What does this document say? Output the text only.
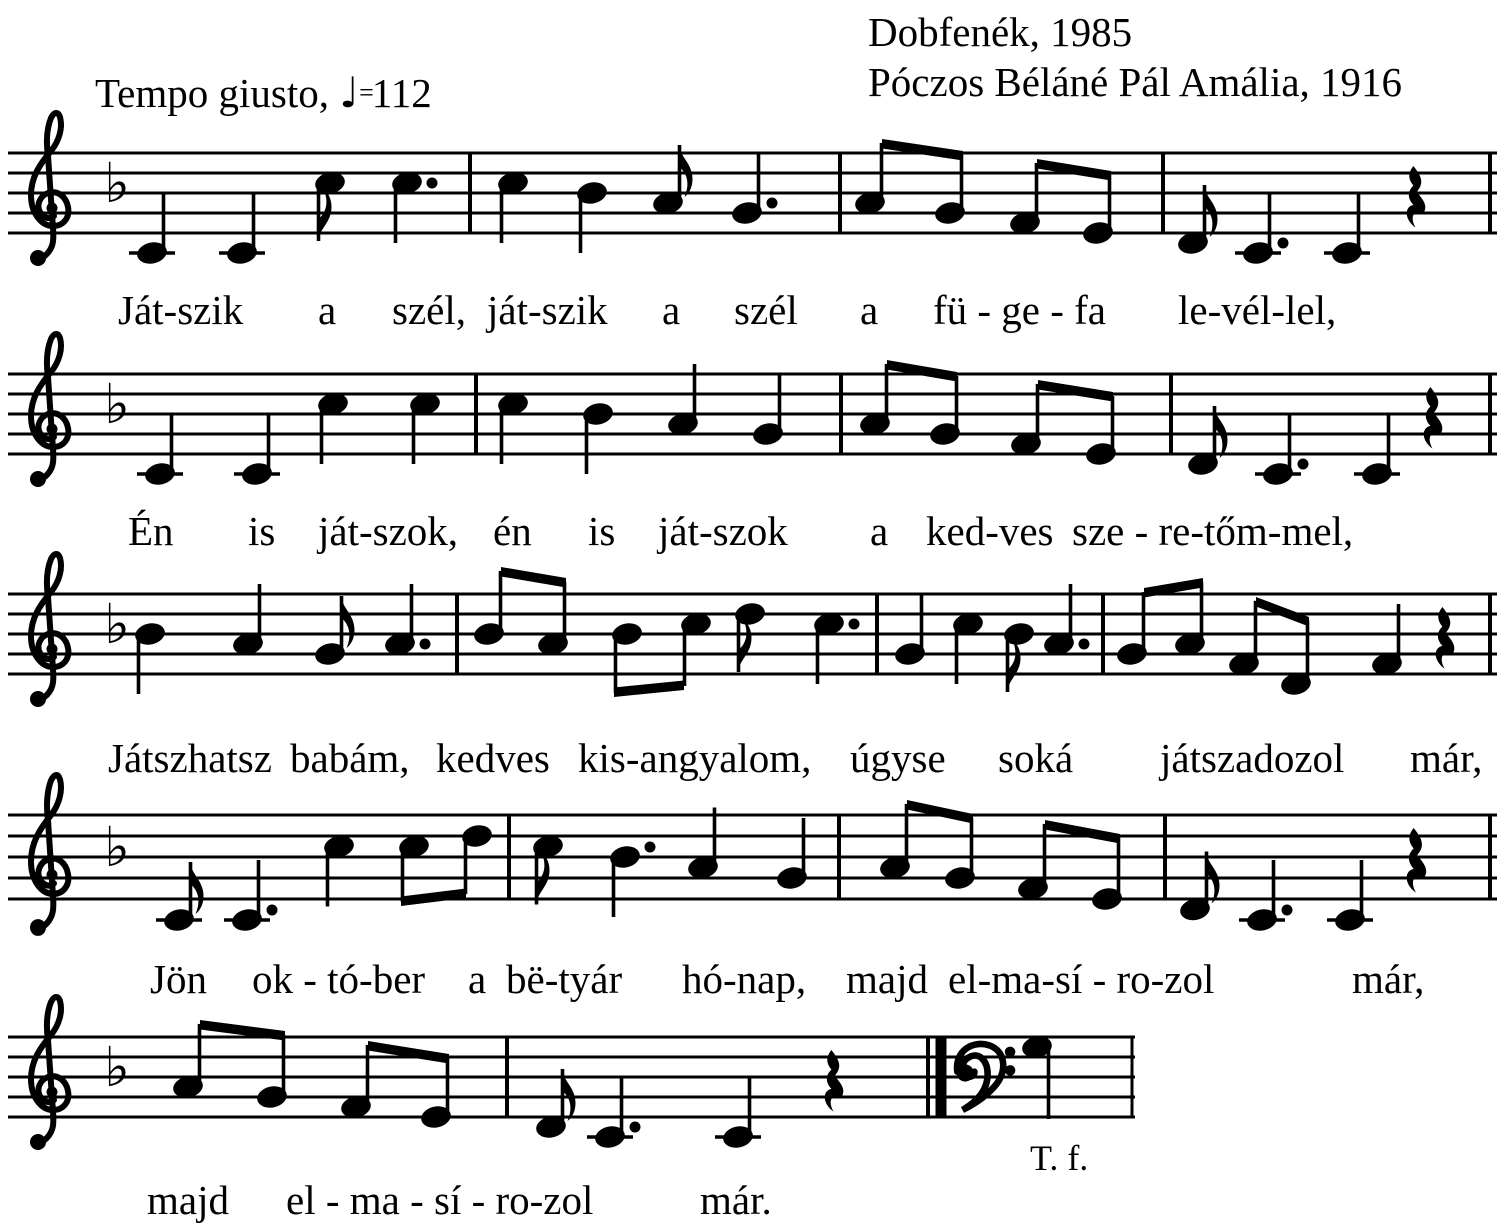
Dobfenék, 1985
Póczos Béláné Pál Amália, 1916
Tempo giusto, ♩=112
♭
♭
♭
♭
♭
Ját-szik a szél, ját-szik a szél a fü - ge - fa le-vél-lel,
Én is ját-szok, én is ját-szok a ked-ves sze - re-tőm-mel,
Játszhatsz babám, kedves kis-angyalom, úgyse soká játszadozol már,
Jön ok - tó-ber a bë-tyár hó-nap, majd el-ma-sí - ro-zol	már,
majd el - ma - sí - ro-zol	már.
T. f.
